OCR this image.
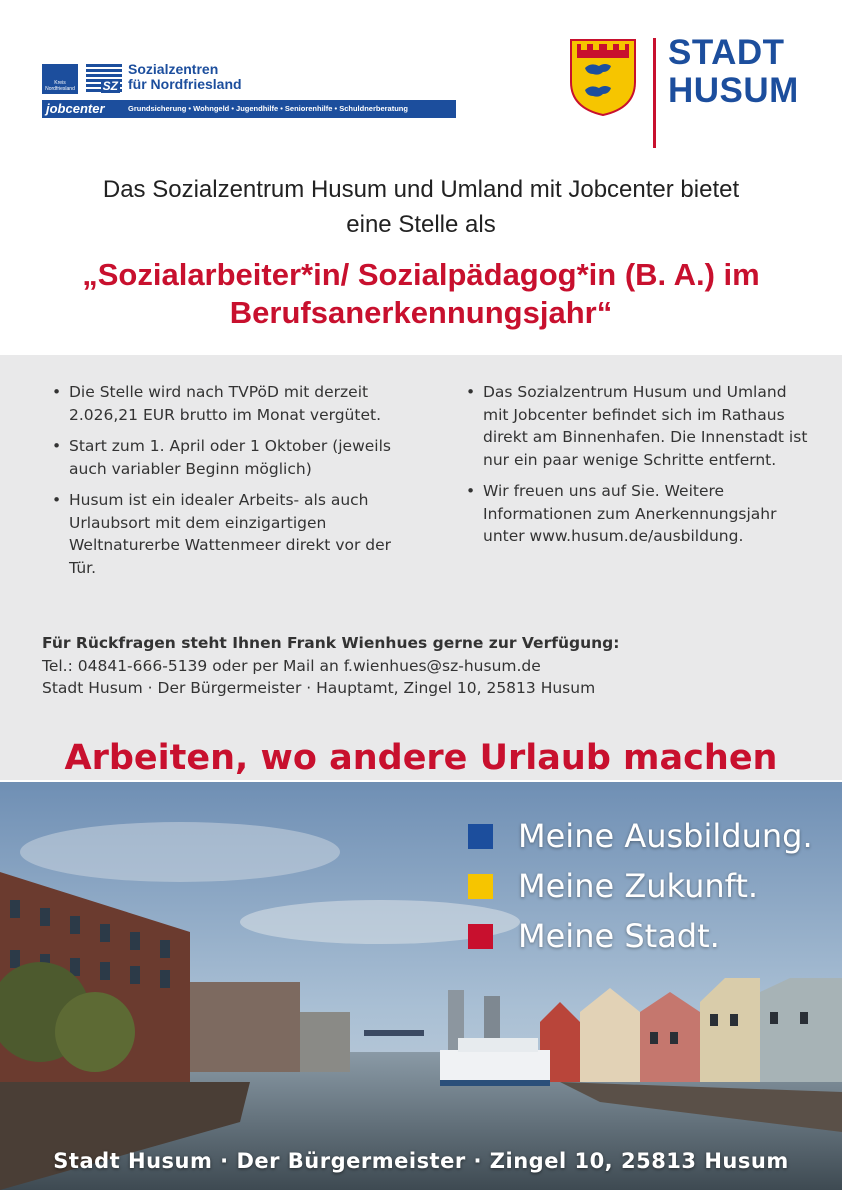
Kreis Nordfriesland SZ
Sozialzentren
für Nordfriesland
jobcenter	Grundsicherung • Wohngeld • Jugendhilfe • Seniorenhilfe • Schuldnerberatung
STADT
HUSUM
Das Sozialzentrum Husum und Umland mit Jobcenter bietet
eine Stelle als
„Sozialarbeiter*in/ Sozialpädagog*in (B. A.) im
Berufsanerkennungsjahr“
• Die Stelle wird nach TVPöD mit derzeit 2.026,21 EUR brutto im Monat vergütet.
• Start zum 1. April oder 1 Oktober (jeweils auch variabler Beginn möglich)
• Husum ist ein idealer Arbeits- als auch Urlaubsort mit dem einzigartigen Weltnaturerbe Wattenmeer direkt vor der Tür.
• Das Sozialzentrum Husum und Umland mit Jobcenter befindet sich im Rathaus direkt am Binnenhafen. Die Innenstadt ist nur ein paar wenige Schritte entfernt.
• Wir freuen uns auf Sie. Weitere Informationen zum Anerkennungsjahr unter www.husum.de/ausbildung.
Für Rückfragen steht Ihnen Frank Wienhues gerne zur Verfügung:
Tel.: 04841-666-5139 oder per Mail an f.wienhues@sz-husum.de
Stadt Husum · Der Bürgermeister · Hauptamt, Zingel 10, 25813 Husum
Arbeiten, wo andere Urlaub machen
Meine Ausbildung.
Meine Zukunft.
Meine Stadt.
Stadt Husum · Der Bürgermeister · Zingel 10, 25813 Husum
